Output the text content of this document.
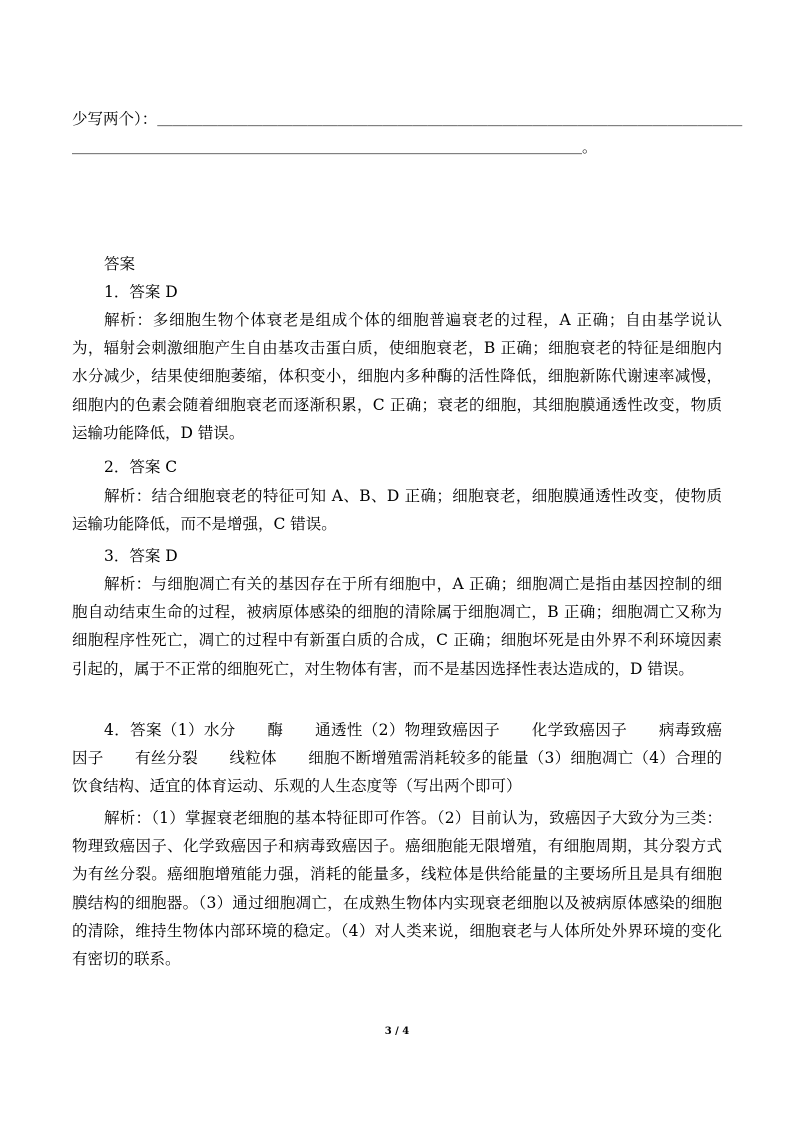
少写两个）：＿＿＿＿＿＿＿＿＿＿＿＿＿＿＿＿＿＿＿＿＿＿＿＿＿＿＿＿＿＿＿＿＿＿＿＿＿＿＿
＿＿＿＿＿＿＿＿＿＿＿＿＿＿＿＿＿＿＿＿＿＿＿＿＿＿＿＿＿＿＿＿＿＿。
答案
1．答案 D
解析：多细胞生物个体衰老是组成个体的细胞普遍衰老的过程，A 正确；自由基学说认为，辐射会刺激细胞产生自由基攻击蛋白质，使细胞衰老，B 正确；细胞衰老的特征是细胞内水分减少，结果使细胞萎缩，体积变小，细胞内多种酶的活性降低，细胞新陈代谢速率减慢，细胞内的色素会随着细胞衰老而逐渐积累，C 正确；衰老的细胞，其细胞膜通透性改变，物质运输功能降低，D 错误。
2．答案 C
解析：结合细胞衰老的特征可知 A、B、D 正确；细胞衰老，细胞膜通透性改变，使物质运输功能降低，而不是增强，C 错误。
3．答案 D
解析：与细胞凋亡有关的基因存在于所有细胞中，A 正确；细胞凋亡是指由基因控制的细胞自动结束生命的过程，被病原体感染的细胞的清除属于细胞凋亡，B 正确；细胞凋亡又称为细胞程序性死亡，凋亡的过程中有新蛋白质的合成，C 正确；细胞坏死是由外界不利环境因素引起的，属于不正常的细胞死亡，对生物体有害，而不是基因选择性表达造成的，D 错误。
4．答案（1）水分　　酶　　通透性（2）物理致癌因子　　化学致癌因子　　病毒致癌因子　　有丝分裂　　线粒体　　细胞不断增殖需消耗较多的能量（3）细胞凋亡（4）合理的饮食结构、适宜的体育运动、乐观的人生态度等（写出两个即可）
解析：（1）掌握衰老细胞的基本特征即可作答。（2）目前认为，致癌因子大致分为三类：物理致癌因子、化学致癌因子和病毒致癌因子。癌细胞能无限增殖，有细胞周期，其分裂方式为有丝分裂。癌细胞增殖能力强，消耗的能量多，线粒体是供给能量的主要场所且是具有细胞膜结构的细胞器。（3）通过细胞凋亡，在成熟生物体内实现衰老细胞以及被病原体感染的细胞的清除，维持生物体内部环境的稳定。（4）对人类来说，细胞衰老与人体所处外界环境的变化有密切的联系。
3 / 4
